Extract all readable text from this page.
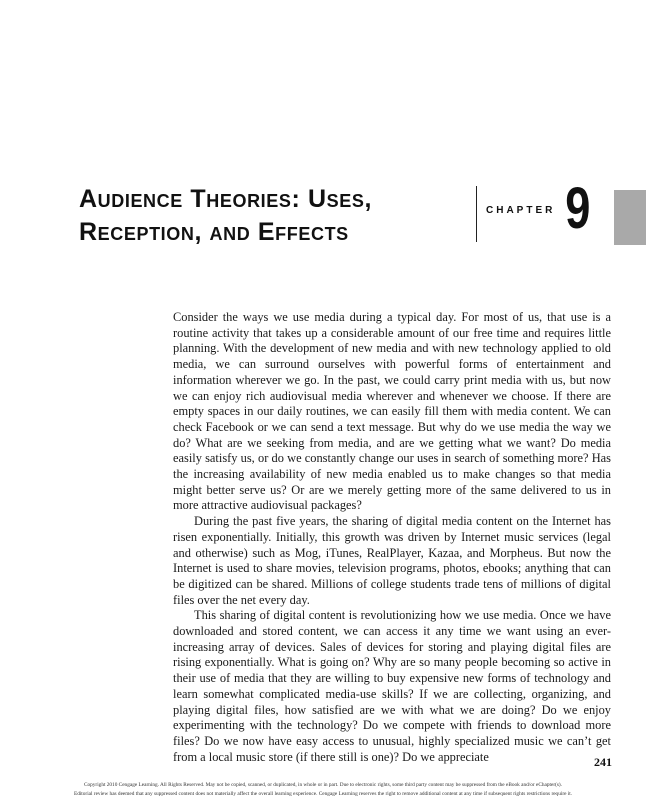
Audience Theories: Uses,
Reception, and Effects
CHAPTER 9

Consider the ways we use media during a typical day. For most of us, that use is a routine activity that takes up a considerable amount of our free time and requires little planning. With the development of new media and with new technology applied to old media, we can surround ourselves with powerful forms of entertainment and information wherever we go. In the past, we could carry print media with us, but now we can enjoy rich audiovisual media wherever and whenever we choose. If there are empty spaces in our daily routines, we can easily fill them with media content. We can check Facebook or we can send a text message. But why do we use media the way we do? What are we seeking from media, and are we getting what we want? Do media easily satisfy us, or do we constantly change our uses in search of something more? Has the increasing availability of new media enabled us to make changes so that media might better serve us? Or are we merely getting more of the same delivered to us in more attractive audiovisual packages?

During the past five years, the sharing of digital media content on the Internet has risen exponentially. Initially, this growth was driven by Internet music services (legal and otherwise) such as Mog, iTunes, RealPlayer, Kazaa, and Morpheus. But now the Internet is used to share movies, television programs, photos, ebooks; anything that can be digitized can be shared. Millions of college students trade tens of millions of digital files over the net every day.

This sharing of digital content is revolutionizing how we use media. Once we have downloaded and stored content, we can access it any time we want using an ever-increasing array of devices. Sales of devices for storing and playing digital files are rising exponentially. What is going on? Why are so many people becoming so active in their use of media that they are willing to buy expensive new forms of technology and learn somewhat complicated media-use skills? If we are collecting, organizing, and playing digital files, how satisfied are we with what we are doing? Do we enjoy experimenting with the technology? Do we compete with friends to download more files? Do we now have easy access to unusual, highly specialized music we can’t get from a local music store (if there still is one)? Do we appreciate	241
Copyright 2010 Cengage Learning. All Rights Reserved. May not be copied, scanned, or duplicated, in whole or in part. Due to electronic rights, some third party content may be suppressed from the eBook and/or eChapter(s).
Editorial review has deemed that any suppressed content does not materially affect the overall learning experience. Cengage Learning reserves the right to remove additional content at any time if subsequent rights restrictions require it.
